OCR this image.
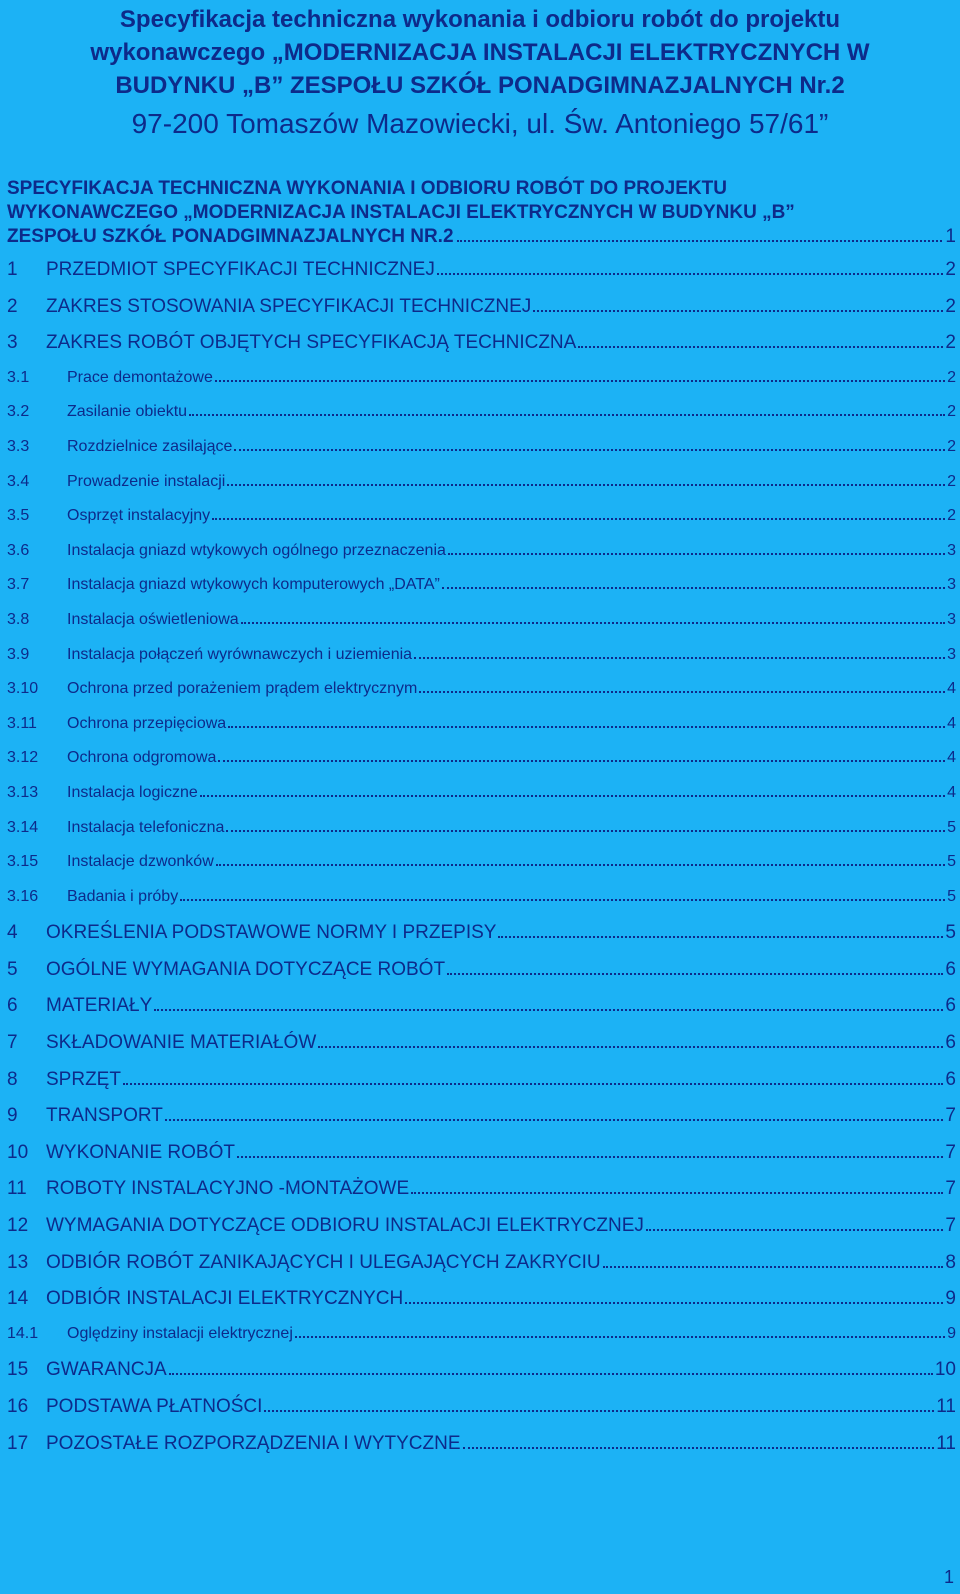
Specyfikacja techniczna wykonania i odbioru robót do projektu
wykonawczego „MODERNIZACJA INSTALACJI ELEKTRYCZNYCH W
BUDYNKU „B” ZESPOŁU SZKÓŁ PONADGIMNAZJALNYCH Nr.2
97-200 Tomaszów Mazowiecki, ul. Św. Antoniego 57/61”
SPECYFIKACJA TECHNICZNA WYKONANIA I ODBIORU ROBÓT DO PROJEKTU
WYKONAWCZEGO „MODERNIZACJA INSTALACJI ELEKTRYCZNYCH W BUDYNKU „B”
ZESPOŁU SZKÓŁ PONADGIMNAZJALNYCH NR.2	1
1	PRZEDMIOT SPECYFIKACJI TECHNICZNEJ	2
2	ZAKRES STOSOWANIA SPECYFIKACJI TECHNICZNEJ	2
3	ZAKRES ROBÓT OBJĘTYCH SPECYFIKACJĄ TECHNICZNA	2
3.1	Prace demontażowe	2
3.2	Zasilanie obiektu	2
3.3	Rozdzielnice zasilające	2
3.4	Prowadzenie instalacji	2
3.5	Osprzęt instalacyjny	2
3.6	Instalacja gniazd wtykowych ogólnego przeznaczenia	3
3.7	Instalacja gniazd wtykowych komputerowych „DATA”	3
3.8	Instalacja oświetleniowa	3
3.9	Instalacja połączeń wyrównawczych i uziemienia	3
3.10	Ochrona przed porażeniem prądem elektrycznym	4
3.11	Ochrona przepięciowa	4
3.12	Ochrona odgromowa	4
3.13	Instalacja logiczne	4
3.14	Instalacja telefoniczna	5
3.15	Instalacje dzwonków	5
3.16	Badania i próby	5
4	OKREŚLENIA PODSTAWOWE NORMY I PRZEPISY	5
5	OGÓLNE WYMAGANIA DOTYCZĄCE ROBÓT	6
6	MATERIAŁY	6
7	SKŁADOWANIE MATERIAŁÓW	6
8	SPRZĘT	6
9	TRANSPORT	7
10 WYKONANIE ROBÓT	7
11	ROBOTY INSTALACYJNO -MONTAŻOWE	7
12 WYMAGANIA DOTYCZĄCE ODBIORU INSTALACJI ELEKTRYCZNEJ	7
13 ODBIÓR ROBÓT ZANIKAJĄCYCH I ULEGAJĄCYCH ZAKRYCIU	8
14 ODBIÓR INSTALACJI ELEKTRYCZNYCH	9
14.1	Oględziny instalacji elektrycznej	9
15 GWARANCJA	10
16 PODSTAWA PŁATNOŚCI	11
17 POZOSTAŁE ROZPORZĄDZENIA I WYTYCZNE	11
1
